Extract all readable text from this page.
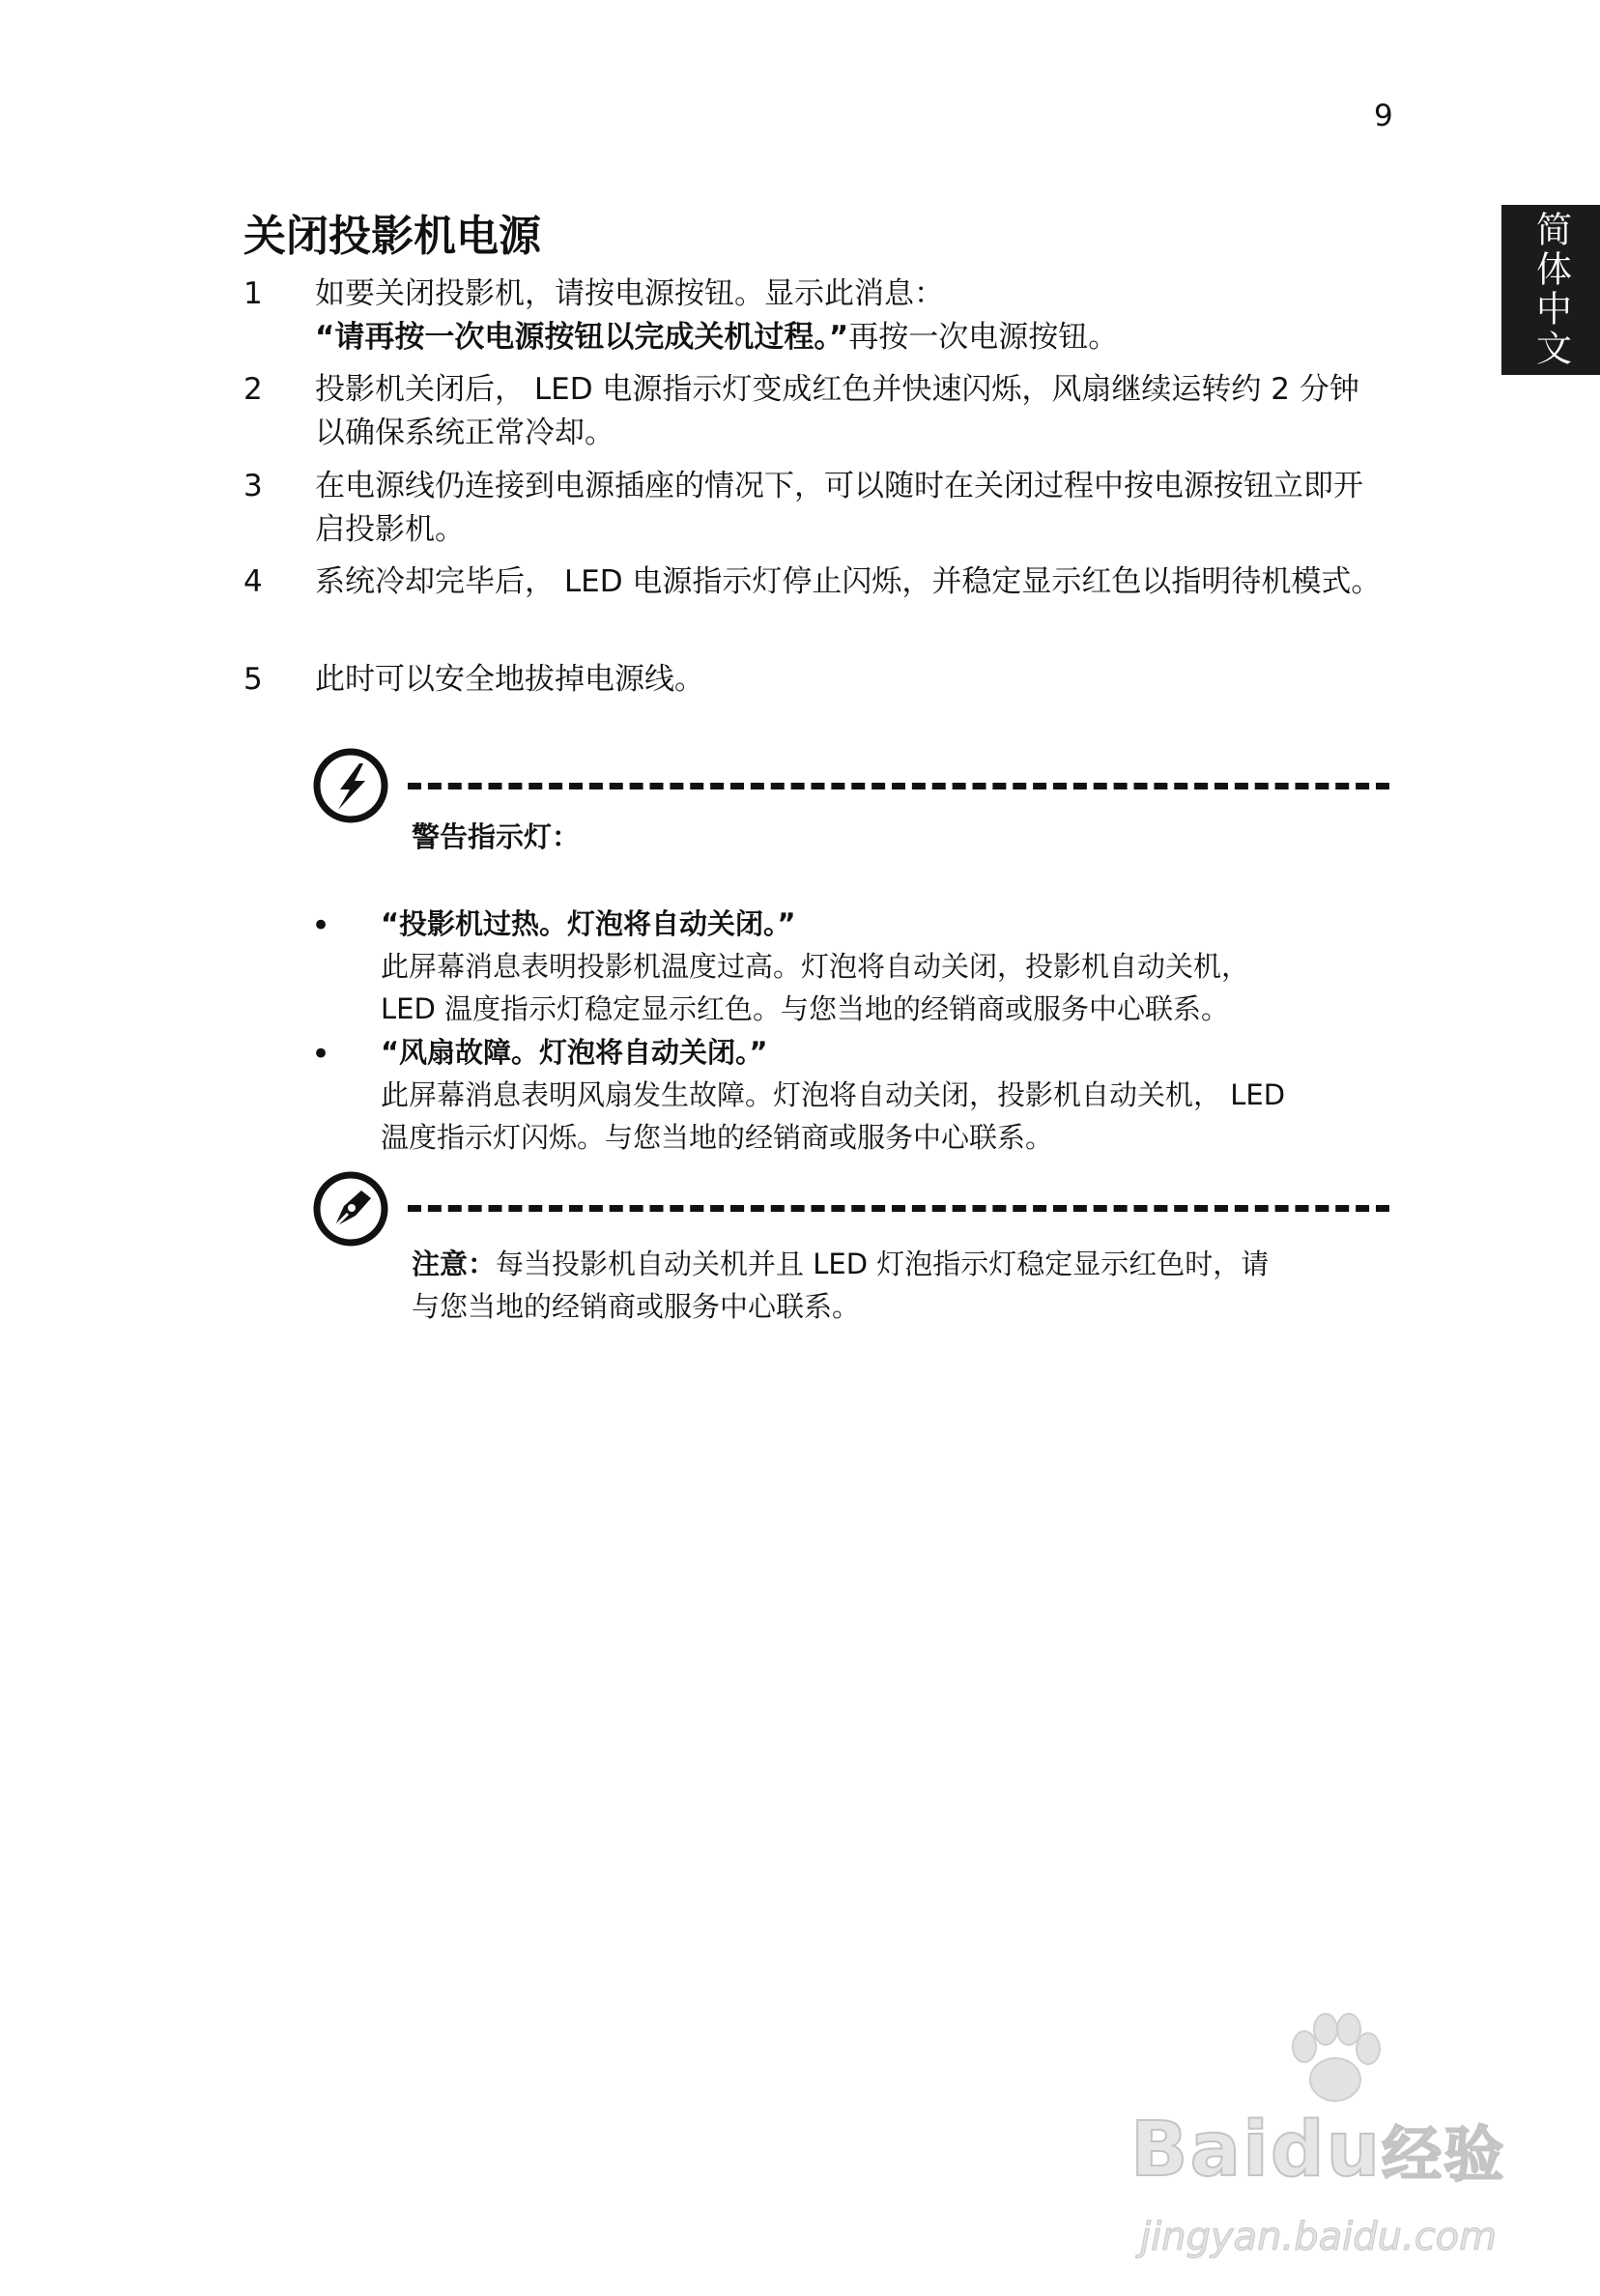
9
简体中文
关闭投影机电源
1 如要关闭投影机，请按电源按钮。显示此消息：
“请再按一次电源按钮以完成关机过程。”再按一次电源按钮。
2 投影机关闭后， LED 电源指示灯变成红色并快速闪烁，风扇继续运转约 2 分钟以确保系统正常冷却。
3 在电源线仍连接到电源插座的情况下，可以随时在关闭过程中按电源按钮立即开启投影机。
4 系统冷却完毕后， LED 电源指示灯停止闪烁，并稳定显示红色以指明待机模式。
5 此时可以安全地拔掉电源线。
警告指示灯：
• “投影机过热。灯泡将自动关闭。”
此屏幕消息表明投影机温度过高。灯泡将自动关闭，投影机自动关机，
LED 温度指示灯稳定显示红色。与您当地的经销商或服务中心联系。
• “风扇故障。灯泡将自动关闭。”
此屏幕消息表明风扇发生故障。灯泡将自动关闭，投影机自动关机， LED
温度指示灯闪烁。与您当地的经销商或服务中心联系。
注意：每当投影机自动关机并且 LED 灯泡指示灯稳定显示红色时，请
与您当地的经销商或服务中心联系。
Baidu经验
jingyan.baidu.com
